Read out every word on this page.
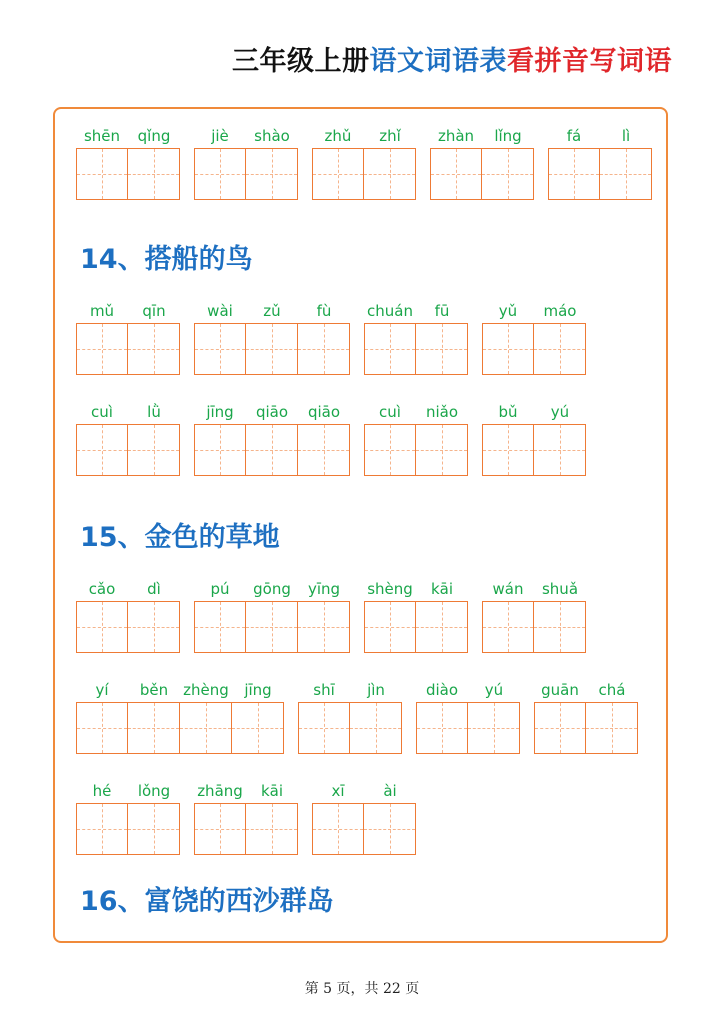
三年级上册语文词语表看拼音写词语
shēn	qǐng	jiè	shào	zhǔ	zhǐ	zhàn	lǐng	fá	lì
mǔ	qīn	wài	zǔ	fù	chuán	fū	yǔ	máo
cuì	lǜ	jīng	qiāo	qiāo	cuì	niǎo	bǔ	yú
cǎo	dì	pú	gōng	yīng	shèng	kāi	wán	shuǎ
yí	běn	zhèng	jīng	shī	jìn	diào	yú	guān	chá
hé	lǒng	zhāng	kāi	xī	ài
16、富饶的西沙群岛
第 5 页，共 22 页
14、搭船的鸟
15、金色的草地
